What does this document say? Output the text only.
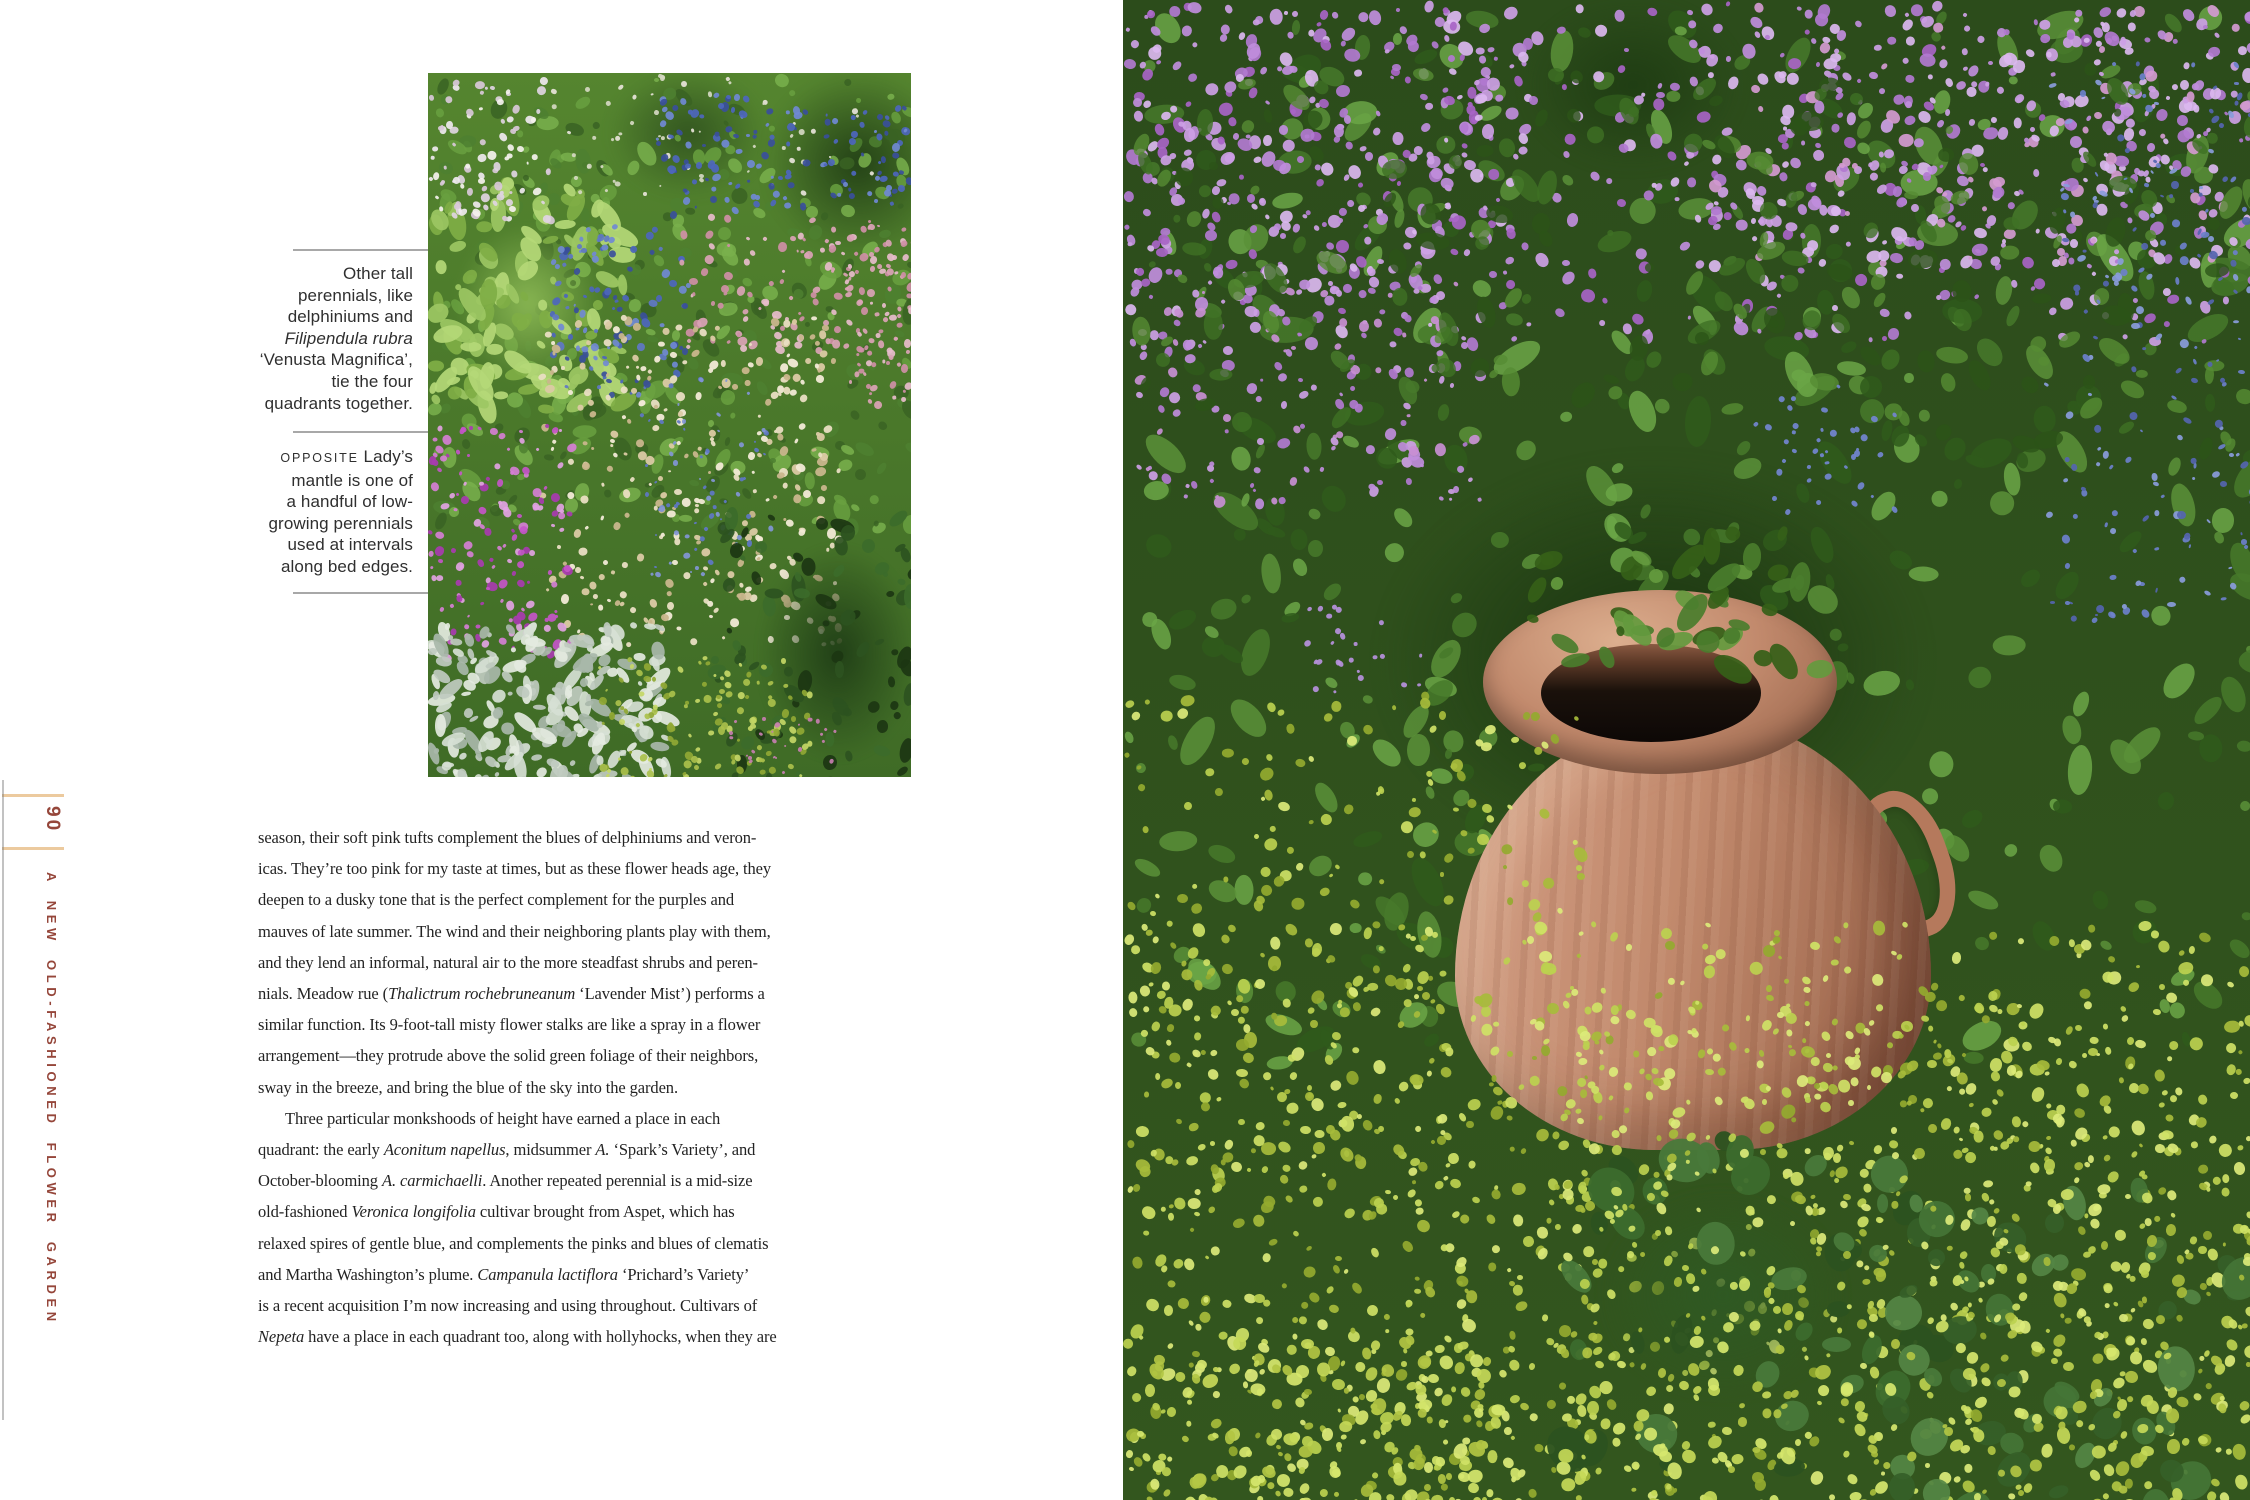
90
A NEW OLD-FASHIONED FLOWER GARDEN
Other tall
perennials, like
delphiniums and
Filipendula rubra
‘Venusta Magnifica’,
tie the four
quadrants together.
OPPOSITE Lady’s
mantle is one of
a handful of low-
growing perennials
used at intervals
along bed edges.
season, their soft pink tufts complement the blues of delphiniums and veron-
icas. They’re too pink for my taste at times, but as these flower heads age, they
deepen to a dusky tone that is the perfect complement for the purples and
mauves of late summer. The wind and their neighboring plants play with them,
and they lend an informal, natural air to the more steadfast shrubs and peren-
nials. Meadow rue (Thalictrum rochebruneanum ‘Lavender Mist’) performs a
similar function. Its 9-foot-tall misty flower stalks are like a spray in a flower
arrangement—they protrude above the solid green foliage of their neighbors,
sway in the breeze, and bring the blue of the sky into the garden.
Three particular monkshoods of height have earned a place in each
quadrant: the early Aconitum napellus, midsummer A. ‘Spark’s Variety’, and
October-blooming A. carmichaelli. Another repeated perennial is a mid-size
old-fashioned Veronica longifolia cultivar brought from Aspet, which has
relaxed spires of gentle blue, and complements the pinks and blues of clematis
and Martha Washington’s plume. Campanula lactiflora ‘Prichard’s Variety’
is a recent acquisition I’m now increasing and using throughout. Cultivars of
Nepeta have a place in each quadrant too, along with hollyhocks, when they are
